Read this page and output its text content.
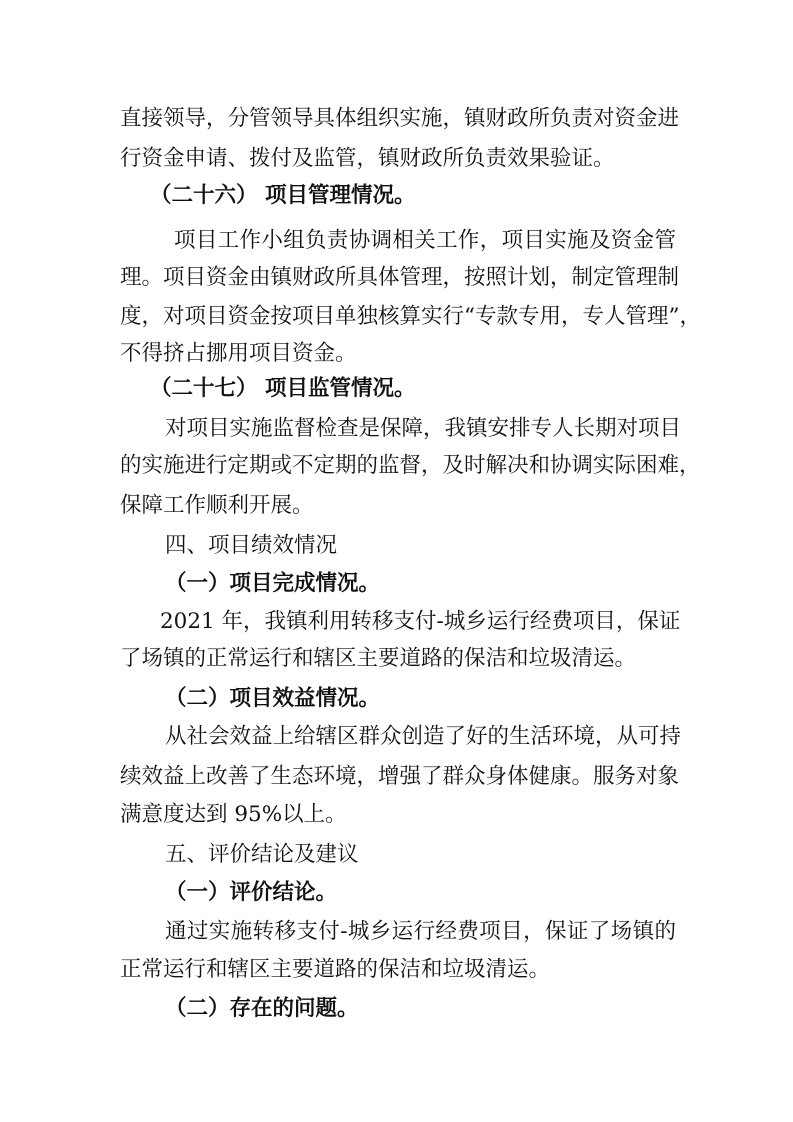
直接领导，分管领导具体组织实施，镇财政所负责对资金进

行资金申请、拨付及监管，镇财政所负责效果验证。

（二十六） 项目管理情况。

项目工作小组负责协调相关工作，项目实施及资金管

理。项目资金由镇财政所具体管理，按照计划，制定管理制

度，对项目资金按项目单独核算实行“专款专用，专人管理”，

不得挤占挪用项目资金。

（二十七） 项目监管情况。

对项目实施监督检查是保障，我镇安排专人长期对项目

的实施进行定期或不定期的监督，及时解决和协调实际困难，

保障工作顺利开展。

四、项目绩效情况

（一）项目完成情况。

2021 年，我镇利用转移支付-城乡运行经费项目，保证

了场镇的正常运行和辖区主要道路的保洁和垃圾清运。

（二）项目效益情况。

从社会效益上给辖区群众创造了好的生活环境，从可持

续效益上改善了生态环境，增强了群众身体健康。服务对象

满意度达到 95%以上。

五、评价结论及建议

（一）评价结论。

通过实施转移支付-城乡运行经费项目，保证了场镇的

正常运行和辖区主要道路的保洁和垃圾清运。

（二）存在的问题。
